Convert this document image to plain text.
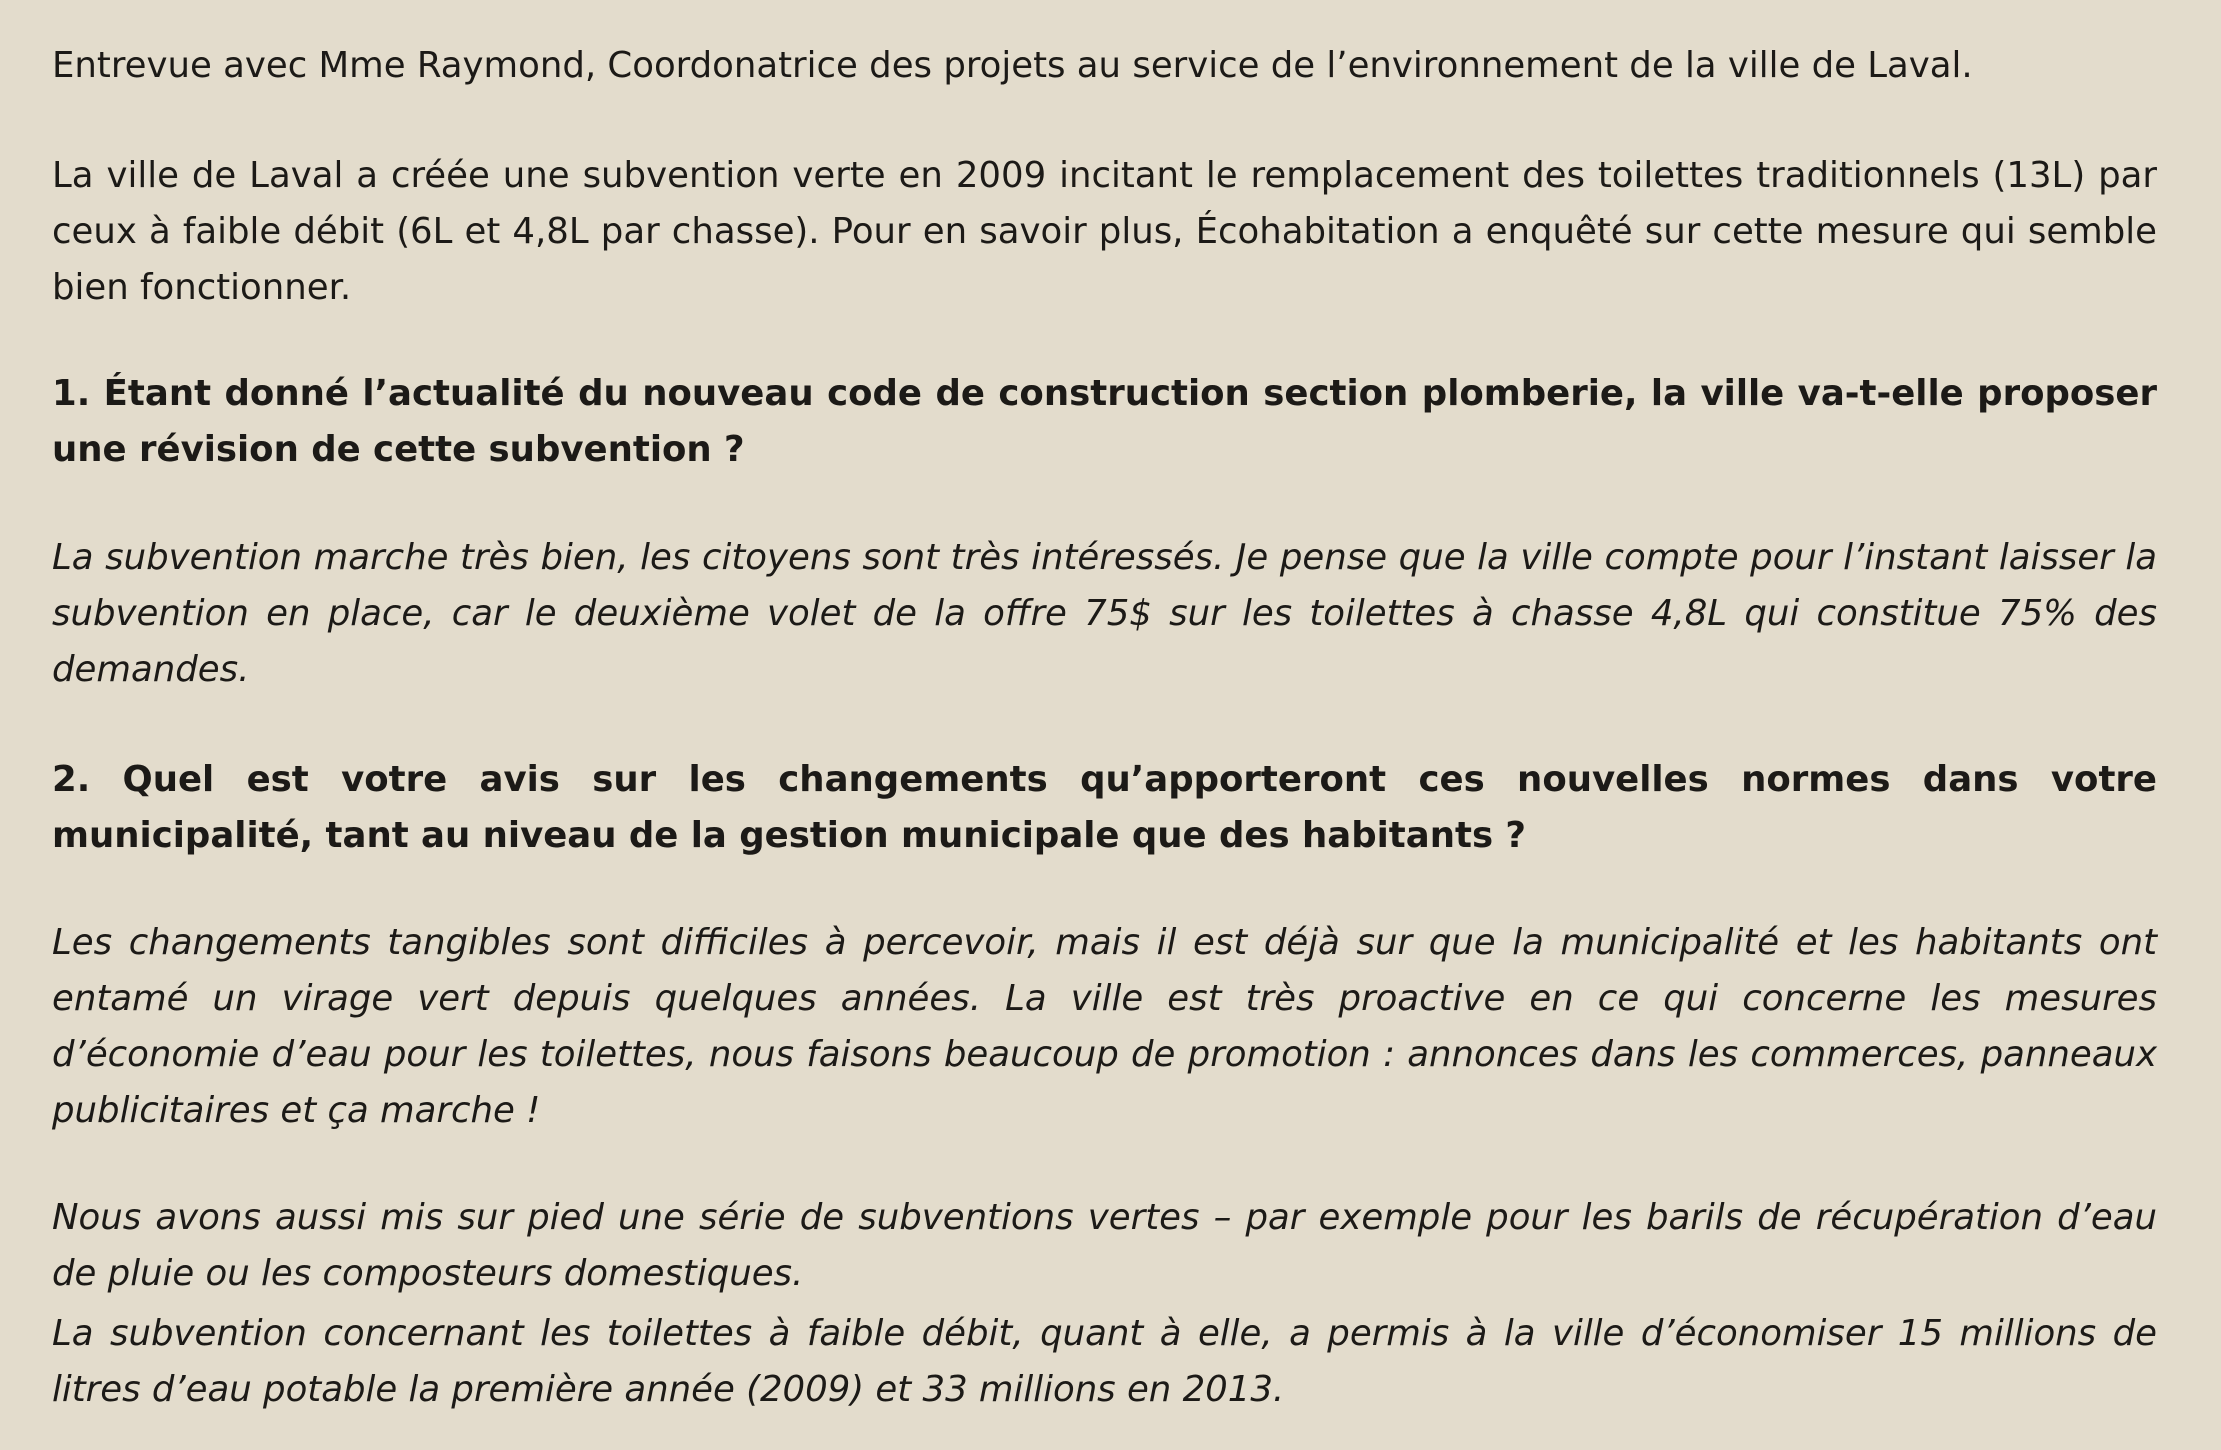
Entrevue avec Mme Raymond, Coordonatrice des projets au service de l’environnement de la ville de Laval.

La ville de Laval a créée une subvention verte en 2009 incitant le remplacement des toilettes traditionnels (13L) par ceux à faible débit (6L et 4,8L par chasse). Pour en savoir plus, Écohabitation a enquêté sur cette mesure qui semble bien fonctionner.

1. Étant donné l’actualité du nouveau code de construction section plomberie, la ville va-t-elle proposer une révision de cette subvention ?

La subvention marche très bien, les citoyens sont très intéressés. Je pense que la ville compte pour l’instant laisser la subvention en place, car le deuxième volet de la offre 75$ sur les toilettes à chasse 4,8L qui constitue 75% des demandes.

2. Quel est votre avis sur les changements qu’apporteront ces nouvelles normes dans votre municipalité, tant au niveau de la gestion municipale que des habitants ?

Les changements tangibles sont difficiles à percevoir, mais il est déjà sur que la municipalité et les habitants ont entamé un virage vert depuis quelques années. La ville est très proactive en ce qui concerne les mesures d’économie d’eau pour les toilettes, nous faisons beaucoup de promotion : annonces dans les commerces, panneaux publicitaires et ça marche !

Nous avons aussi mis sur pied une série de subventions vertes – par exemple pour les barils de récupération d’eau de pluie ou les composteurs domestiques.

La subvention concernant les toilettes à faible débit, quant à elle, a permis à la ville d’économiser 15 millions de litres d’eau potable la première année (2009) et 33 millions en 2013.
